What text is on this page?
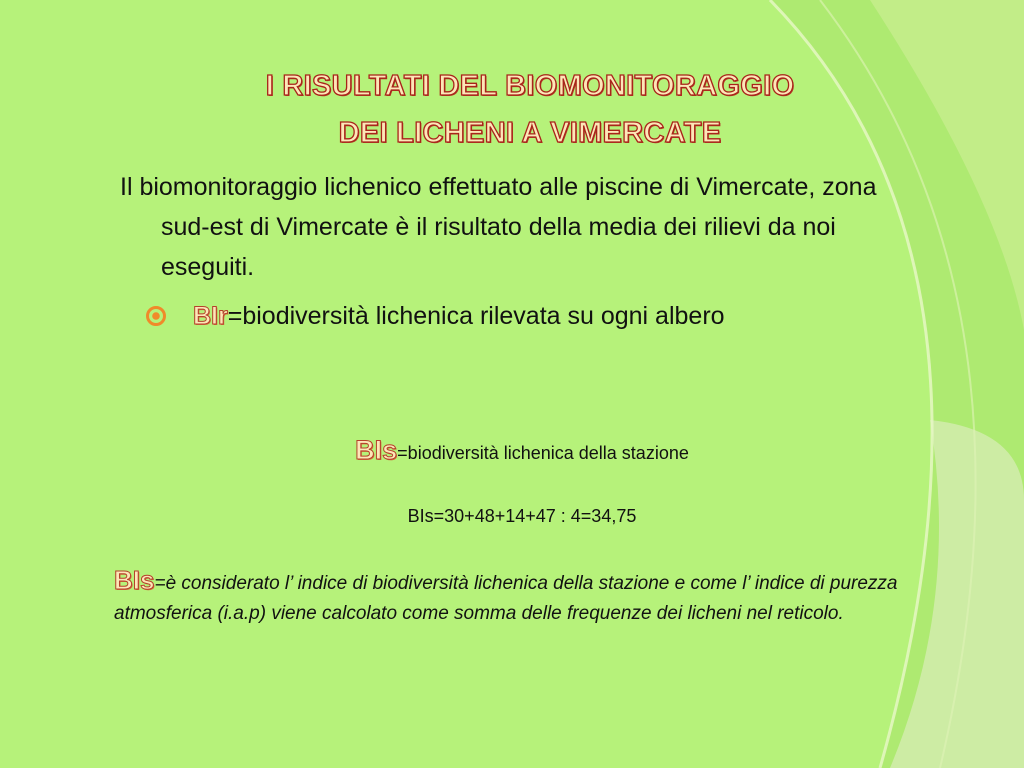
I RISULTATI DEL BIOMONITORAGGIO
DEI LICHENI A VIMERCATE
Il biomonitoraggio lichenico effettuato alle piscine di Vimercate, zona sud-est di Vimercate è il risultato della media dei rilievi da noi eseguiti.
BIr=biodiversità lichenica rilevata su ogni albero
BIs=biodiversità lichenica della stazione
BIs=30+48+14+47 : 4=34,75
BIs=è considerato l’ indice di biodiversità lichenica della stazione e come l’ indice di purezza atmosferica (i.a.p) viene calcolato come somma delle frequenze dei licheni nel reticolo.
